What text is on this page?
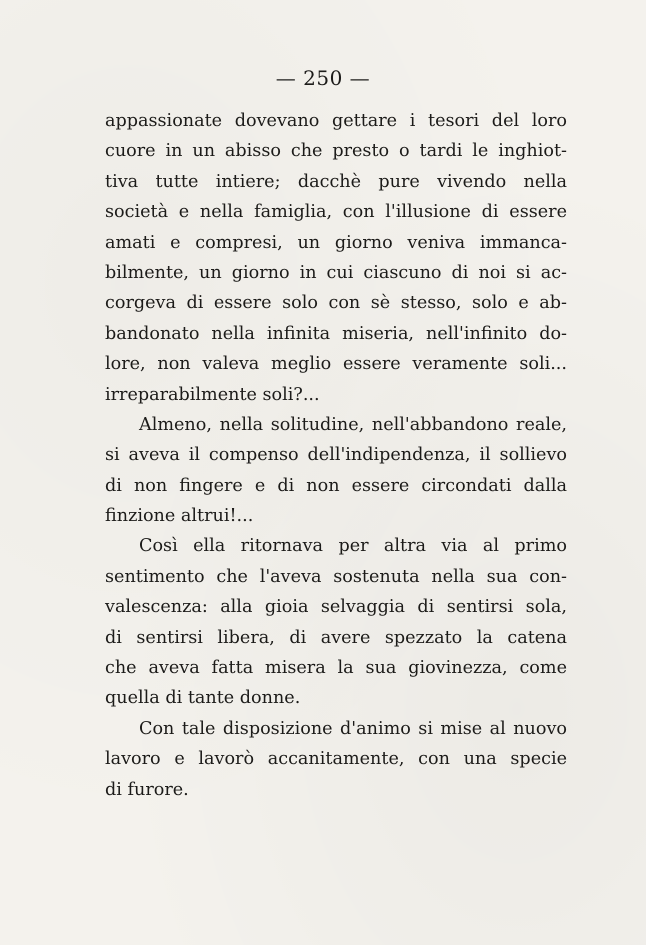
— 250 —
appassionate dovevano gettare i tesori del loro
cuore in un abisso che presto o tardi le inghiot-
tiva tutte intiere; dacchè pure vivendo nella
società e nella famiglia, con l'illusione di essere
amati e compresi, un giorno veniva immanca-
bilmente, un giorno in cui ciascuno di noi si ac-
corgeva di essere solo con sè stesso, solo e ab-
bandonato nella infinita miseria, nell'infinito do-
lore, non valeva meglio essere veramente soli...
irreparabilmente soli?...
Almeno, nella solitudine, nell'abbandono reale,
si aveva il compenso dell'indipendenza, il sollievo
di non fingere e di non essere circondati dalla
finzione altrui!...
Così ella ritornava per altra via al primo
sentimento che l'aveva sostenuta nella sua con-
valescenza: alla gioia selvaggia di sentirsi sola,
di sentirsi libera, di avere spezzato la catena
che aveva fatta misera la sua giovinezza, come
quella di tante donne.
Con tale disposizione d'animo si mise al nuovo
lavoro e lavorò accanitamente, con una specie
di furore.
